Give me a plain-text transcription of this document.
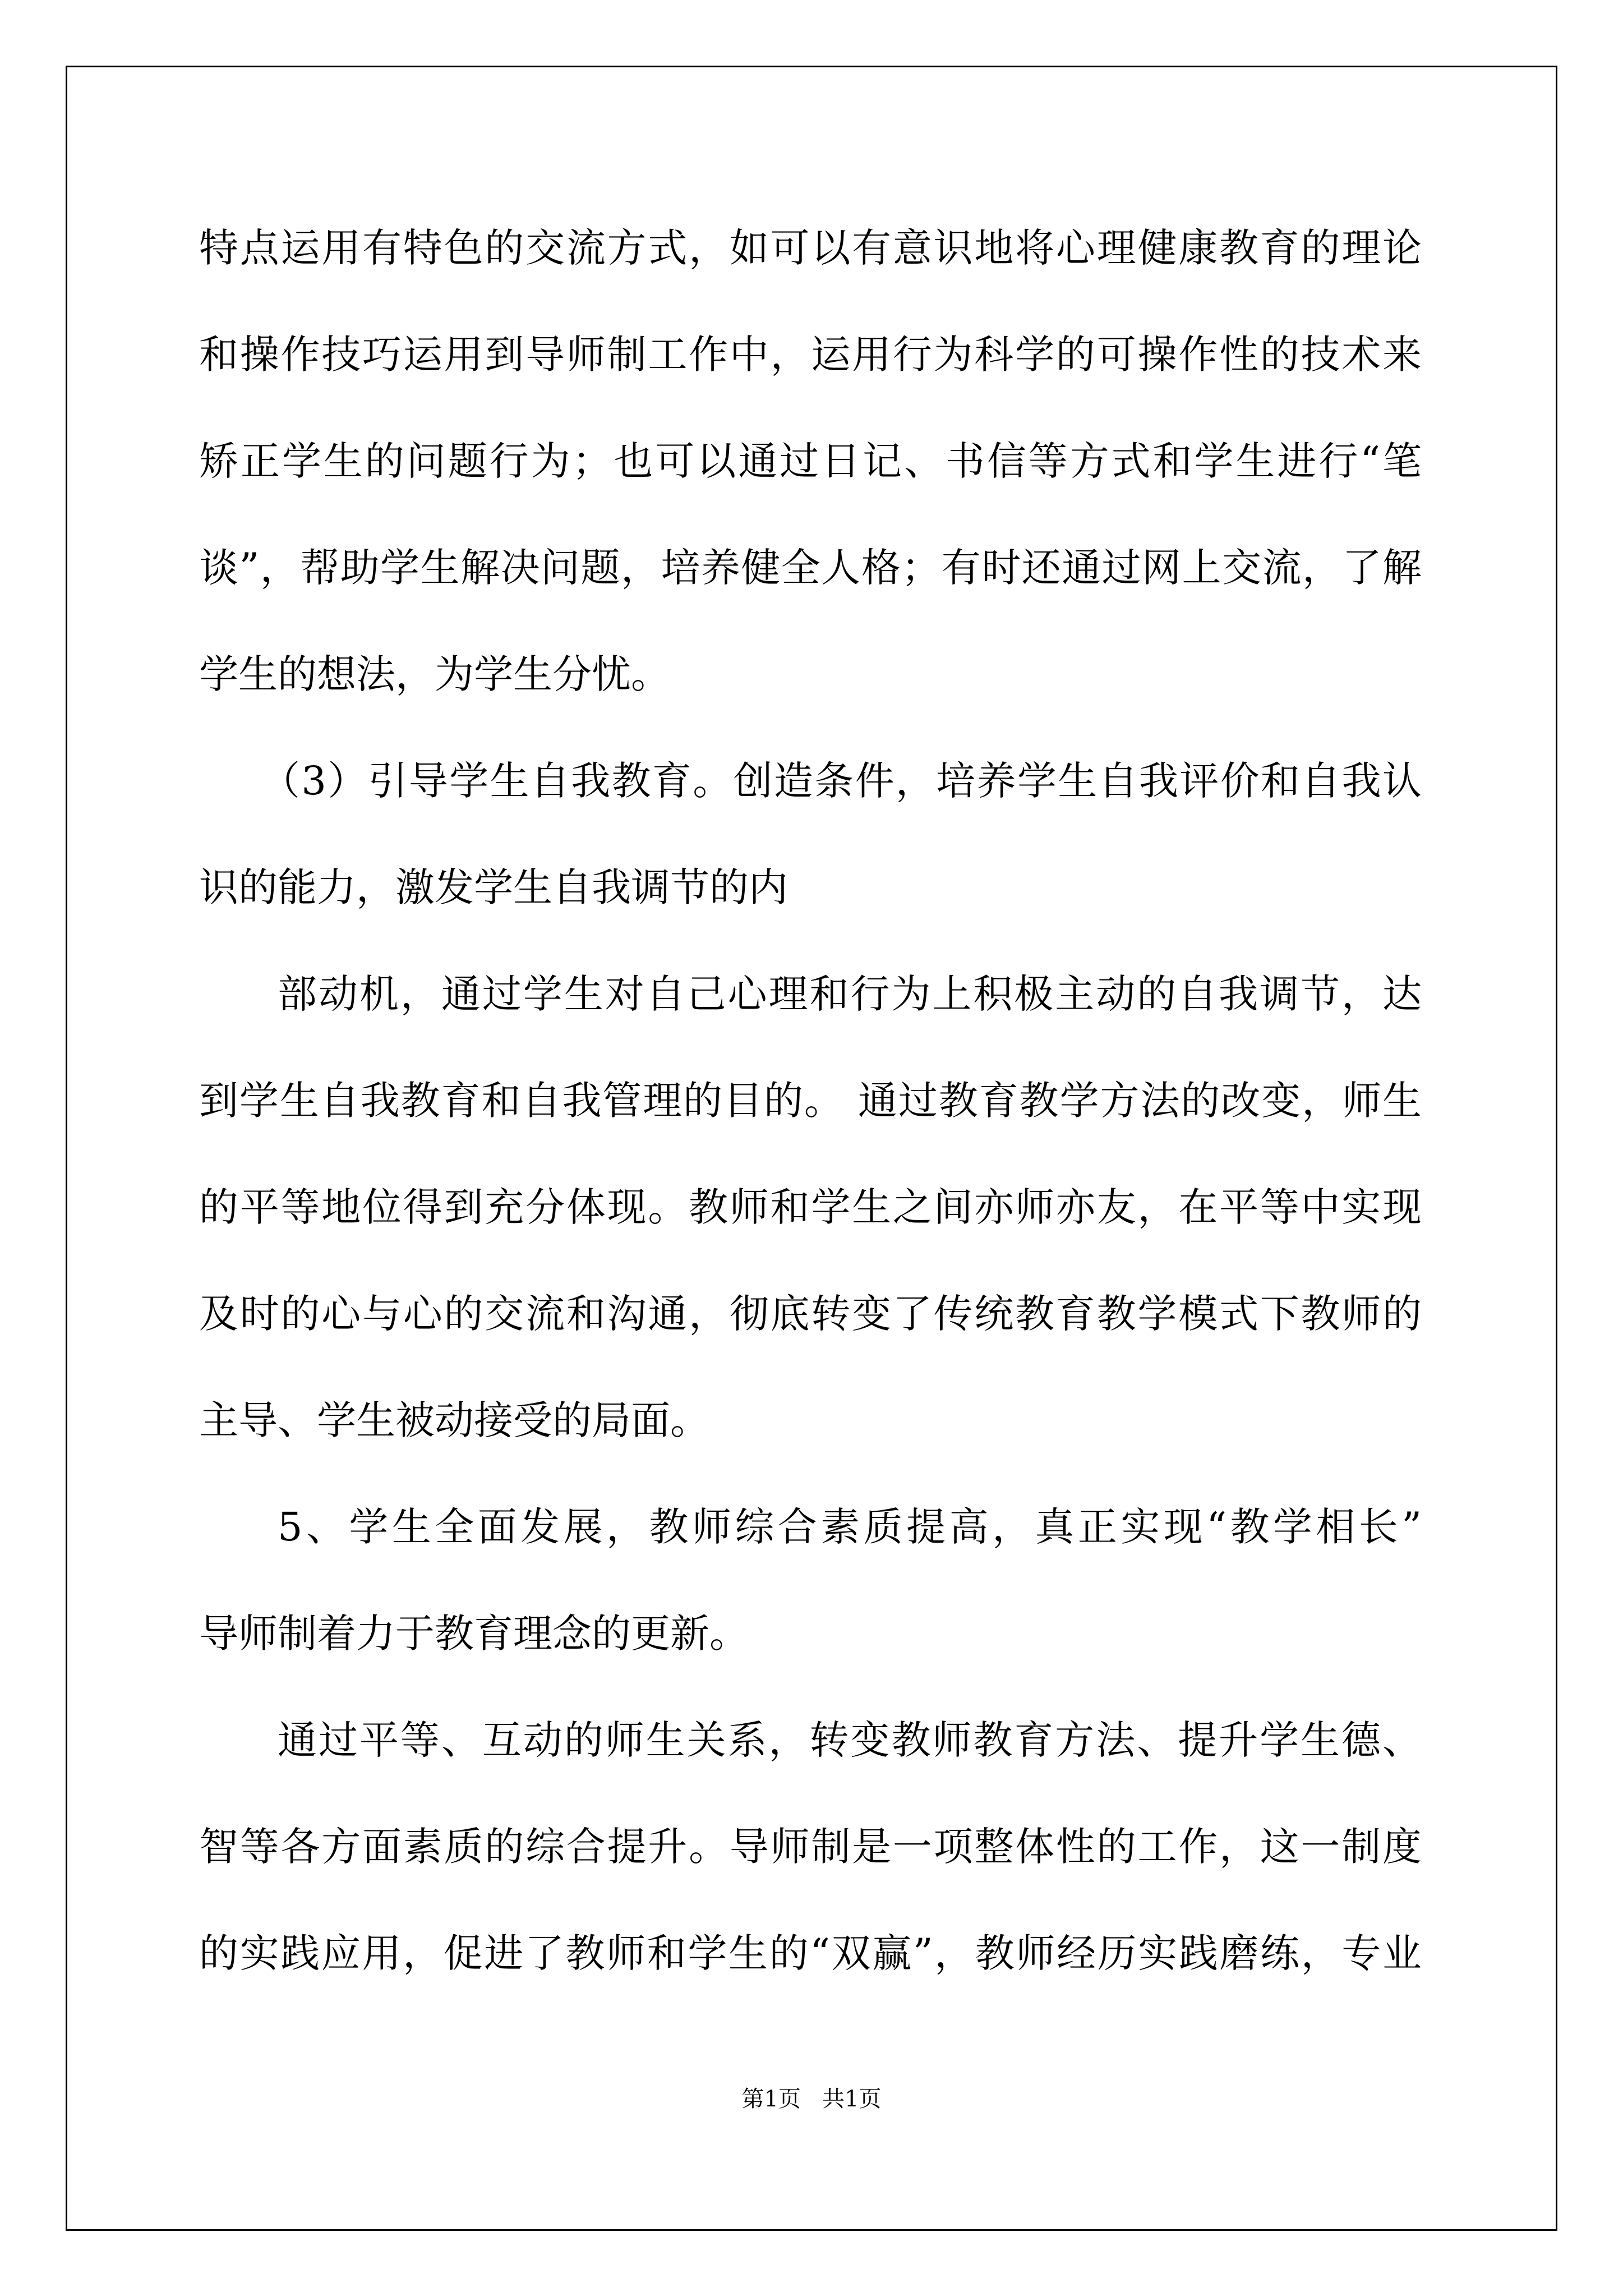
特点运用有特色的交流方式，如可以有意识地将心理健康教育的理论
和操作技巧运用到导师制工作中，运用行为科学的可操作性的技术来
矫正学生的问题行为；也可以通过日记、书信等方式和学生进行“笔
谈”，帮助学生解决问题，培养健全人格；有时还通过网上交流，了解
学生的想法，为学生分忧。
（3）引导学生自我教育。创造条件，培养学生自我评价和自我认
识的能力，激发学生自我调节的内
部动机，通过学生对自己心理和行为上积极主动的自我调节，达
到学生自我教育和自我管理的目的。 通过教育教学方法的改变，师生
的平等地位得到充分体现。教师和学生之间亦师亦友，在平等中实现
及时的心与心的交流和沟通，彻底转变了传统教育教学模式下教师的
主导、学生被动接受的局面。
5、学生全面发展，教师综合素质提高，真正实现“教学相长”
导师制着力于教育理念的更新。
通过平等、互动的师生关系，转变教师教育方法、提升学生德、
智等各方面素质的综合提升。导师制是一项整体性的工作，这一制度
的实践应用，促进了教师和学生的“双赢”，教师经历实践磨练，专业
第1页   共1页
